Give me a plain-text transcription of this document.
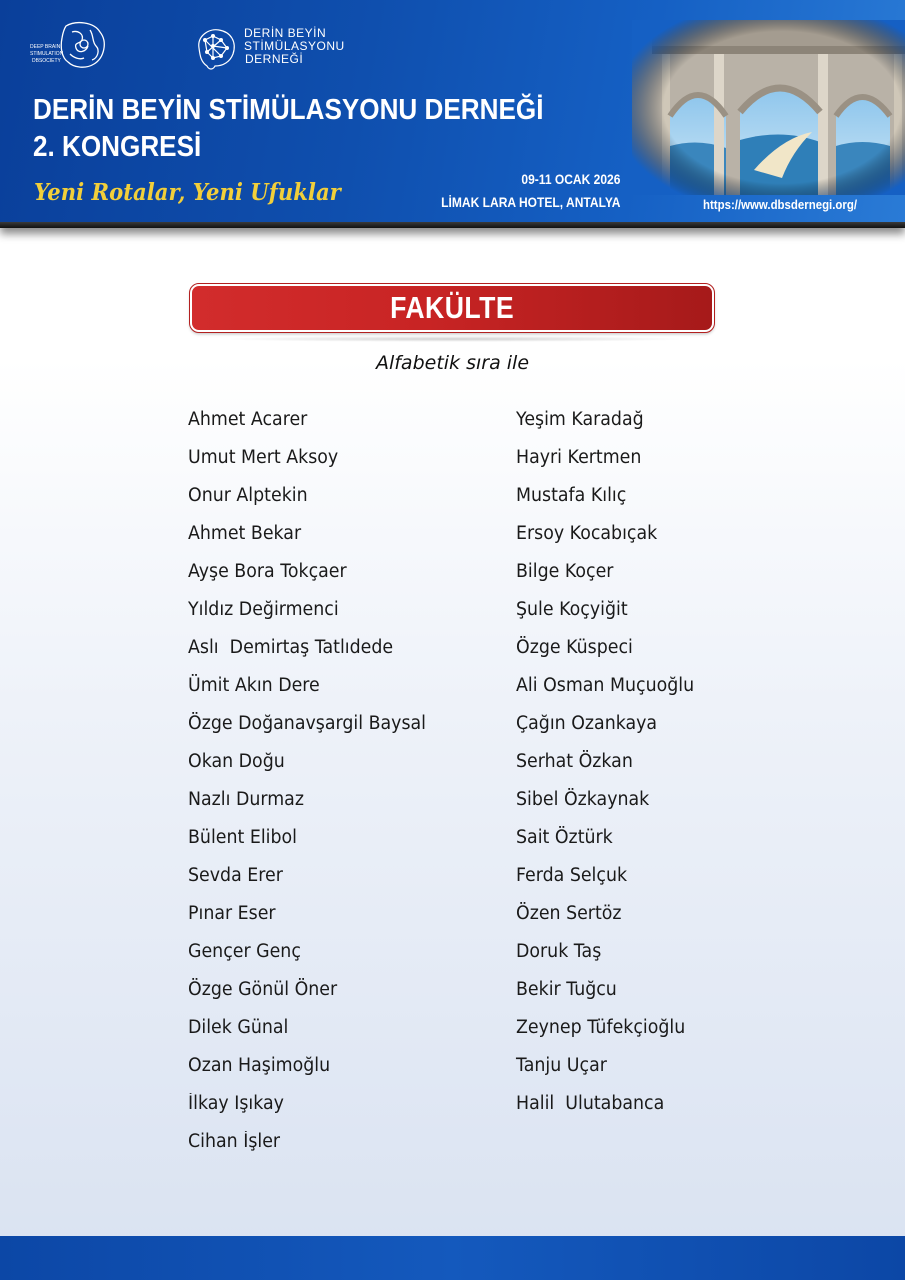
DEEP BRAIN
STIMULATION
DBSOCIETY
DERİN BEYİN
STİMÜLASYONU
DERNEĞİ
DERİN BEYİN STİMÜLASYONU DERNEĞİ
2. KONGRESİ
Yeni Rotalar, Yeni Ufuklar	09-11 OCAK 2026
LİMAK LARA HOTEL, ANTALYA	https://www.dbsdernegi.org/
FAKÜLTE
Alfabetik sıra ile
Ahmet Acarer
Umut Mert Aksoy
Onur Alptekin
Ahmet Bekar
Ayşe Bora Tokçaer
Yıldız Değirmenci
Aslı  Demirtaş Tatlıdede
Ümit Akın Dere
Özge Doğanavşargil Baysal
Okan Doğu
Nazlı Durmaz
Bülent Elibol
Sevda Erer
Pınar Eser
Gençer Genç
Özge Gönül Öner
Dilek Günal
Ozan Haşimoğlu
İlkay Işıkay
Cihan İşler
Yeşim Karadağ
Hayri Kertmen
Mustafa Kılıç
Ersoy Kocabıçak
Bilge Koçer
Şule Koçyiğit
Özge Küspeci
Ali Osman Muçuoğlu
Çağın Ozankaya
Serhat Özkan
Sibel Özkaynak
Sait Öztürk
Ferda Selçuk
Özen Sertöz
Doruk Taş
Bekir Tuğcu
Zeynep Tüfekçioğlu
Tanju Uçar
Halil  Ulutabanca
